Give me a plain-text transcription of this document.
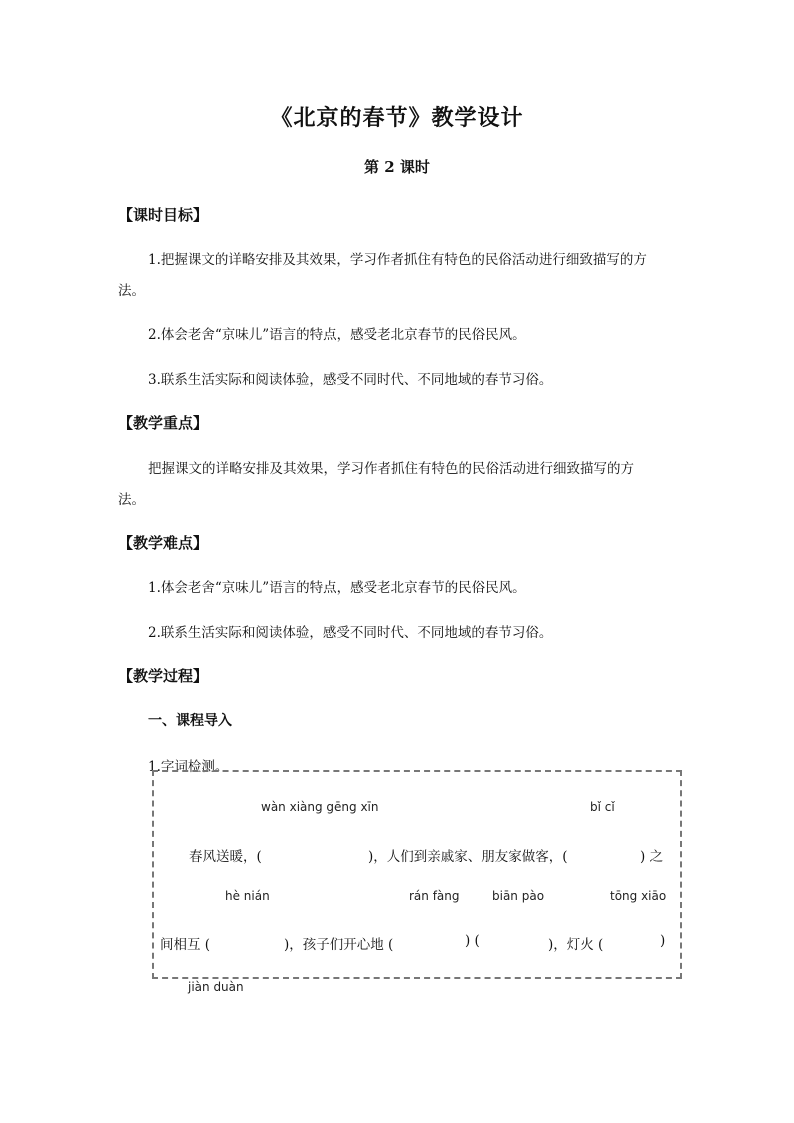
《北京的春节》教学设计
第 2 课时
【课时目标】
1.把握课文的详略安排及其效果，学习作者抓住有特色的民俗活动进行细致描写的方
法。
2.体会老舍“京味儿”语言的特点，感受老北京春节的民俗民风。
3.联系生活实际和阅读体验，感受不同时代、不同地域的春节习俗。
【教学重点】
把握课文的详略安排及其效果，学习作者抓住有特色的民俗活动进行细致描写的方
法。
【教学难点】
1.体会老舍“京味儿”语言的特点，感受老北京春节的民俗民风。
2.联系生活实际和阅读体验，感受不同时代、不同地域的春节习俗。
【教学过程】
一、课程导入
1.字词检测。
wàn xiàng gēng xīn	bǐ cǐ
春风送暖，(	)，人们到亲戚家、朋友家做客，(	) 之
hè nián	rán fàng	biān pào	tōng xiāo
间相互 (	)，孩子们开心地 (	) (	)，灯火 (	)
jiàn duàn
